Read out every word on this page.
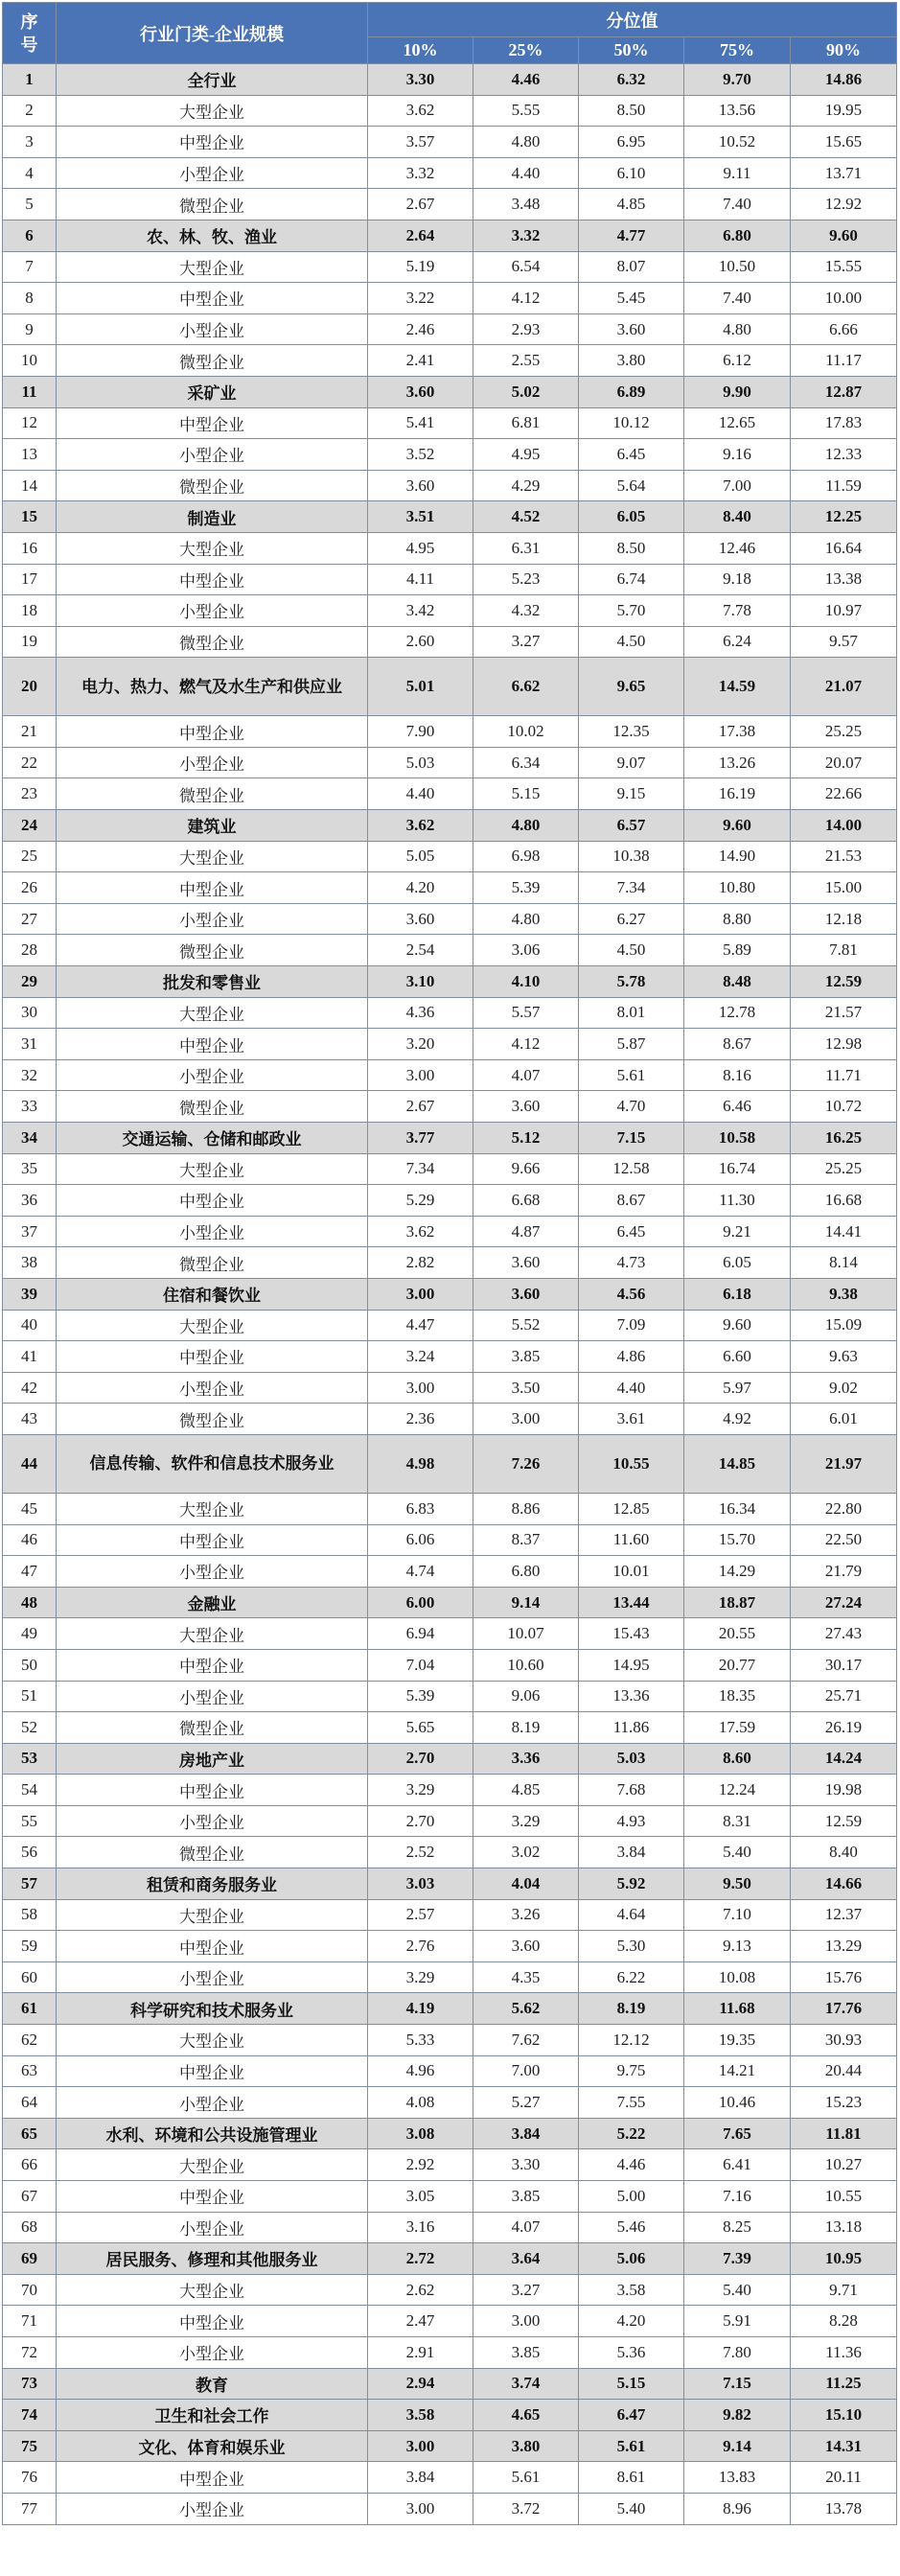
序号	行业门类-企业规模	分位值				
		10%	25%	50%	75%	90%
1	全行业	3.30	4.46	6.32	9.70	14.86
2	大型企业	3.62	5.55	8.50	13.56	19.95
3	中型企业	3.57	4.80	6.95	10.52	15.65
4	小型企业	3.32	4.40	6.10	9.11	13.71
5	微型企业	2.67	3.48	4.85	7.40	12.92
6	农、林、牧、渔业	2.64	3.32	4.77	6.80	9.60
7	大型企业	5.19	6.54	8.07	10.50	15.55
8	中型企业	3.22	4.12	5.45	7.40	10.00
9	小型企业	2.46	2.93	3.60	4.80	6.66
10	微型企业	2.41	2.55	3.80	6.12	11.17
11	采矿业	3.60	5.02	6.89	9.90	12.87
12	中型企业	5.41	6.81	10.12	12.65	17.83
13	小型企业	3.52	4.95	6.45	9.16	12.33
14	微型企业	3.60	4.29	5.64	7.00	11.59
15	制造业	3.51	4.52	6.05	8.40	12.25
16	大型企业	4.95	6.31	8.50	12.46	16.64
17	中型企业	4.11	5.23	6.74	9.18	13.38
18	小型企业	3.42	4.32	5.70	7.78	10.97
19	微型企业	2.60	3.27	4.50	6.24	9.57
20	电力、热力、燃气及水生产和供应业	5.01	6.62	9.65	14.59	21.07
21	中型企业	7.90	10.02	12.35	17.38	25.25
22	小型企业	5.03	6.34	9.07	13.26	20.07
23	微型企业	4.40	5.15	9.15	16.19	22.66
24	建筑业	3.62	4.80	6.57	9.60	14.00
25	大型企业	5.05	6.98	10.38	14.90	21.53
26	中型企业	4.20	5.39	7.34	10.80	15.00
27	小型企业	3.60	4.80	6.27	8.80	12.18
28	微型企业	2.54	3.06	4.50	5.89	7.81
29	批发和零售业	3.10	4.10	5.78	8.48	12.59
30	大型企业	4.36	5.57	8.01	12.78	21.57
31	中型企业	3.20	4.12	5.87	8.67	12.98
32	小型企业	3.00	4.07	5.61	8.16	11.71
33	微型企业	2.67	3.60	4.70	6.46	10.72
34	交通运输、仓储和邮政业	3.77	5.12	7.15	10.58	16.25
35	大型企业	7.34	9.66	12.58	16.74	25.25
36	中型企业	5.29	6.68	8.67	11.30	16.68
37	小型企业	3.62	4.87	6.45	9.21	14.41
38	微型企业	2.82	3.60	4.73	6.05	8.14
39	住宿和餐饮业	3.00	3.60	4.56	6.18	9.38
40	大型企业	4.47	5.52	7.09	9.60	15.09
41	中型企业	3.24	3.85	4.86	6.60	9.63
42	小型企业	3.00	3.50	4.40	5.97	9.02
43	微型企业	2.36	3.00	3.61	4.92	6.01
44	信息传输、软件和信息技术服务业	4.98	7.26	10.55	14.85	21.97
45	大型企业	6.83	8.86	12.85	16.34	22.80
46	中型企业	6.06	8.37	11.60	15.70	22.50
47	小型企业	4.74	6.80	10.01	14.29	21.79
48	金融业	6.00	9.14	13.44	18.87	27.24
49	大型企业	6.94	10.07	15.43	20.55	27.43
50	中型企业	7.04	10.60	14.95	20.77	30.17
51	小型企业	5.39	9.06	13.36	18.35	25.71
52	微型企业	5.65	8.19	11.86	17.59	26.19
53	房地产业	2.70	3.36	5.03	8.60	14.24
54	中型企业	3.29	4.85	7.68	12.24	19.98
55	小型企业	2.70	3.29	4.93	8.31	12.59
56	微型企业	2.52	3.02	3.84	5.40	8.40
57	租赁和商务服务业	3.03	4.04	5.92	9.50	14.66
58	大型企业	2.57	3.26	4.64	7.10	12.37
59	中型企业	2.76	3.60	5.30	9.13	13.29
60	小型企业	3.29	4.35	6.22	10.08	15.76
61	科学研究和技术服务业	4.19	5.62	8.19	11.68	17.76
62	大型企业	5.33	7.62	12.12	19.35	30.93
63	中型企业	4.96	7.00	9.75	14.21	20.44
64	小型企业	4.08	5.27	7.55	10.46	15.23
65	水利、环境和公共设施管理业	3.08	3.84	5.22	7.65	11.81
66	大型企业	2.92	3.30	4.46	6.41	10.27
67	中型企业	3.05	3.85	5.00	7.16	10.55
68	小型企业	3.16	4.07	5.46	8.25	13.18
69	居民服务、修理和其他服务业	2.72	3.64	5.06	7.39	10.95
70	大型企业	2.62	3.27	3.58	5.40	9.71
71	中型企业	2.47	3.00	4.20	5.91	8.28
72	小型企业	2.91	3.85	5.36	7.80	11.36
73	教育	2.94	3.74	5.15	7.15	11.25
74	卫生和社会工作	3.58	4.65	6.47	9.82	15.10
75	文化、体育和娱乐业	3.00	3.80	5.61	9.14	14.31
76	中型企业	3.84	5.61	8.61	13.83	20.11
77	小型企业	3.00	3.72	5.40	8.96	13.78
